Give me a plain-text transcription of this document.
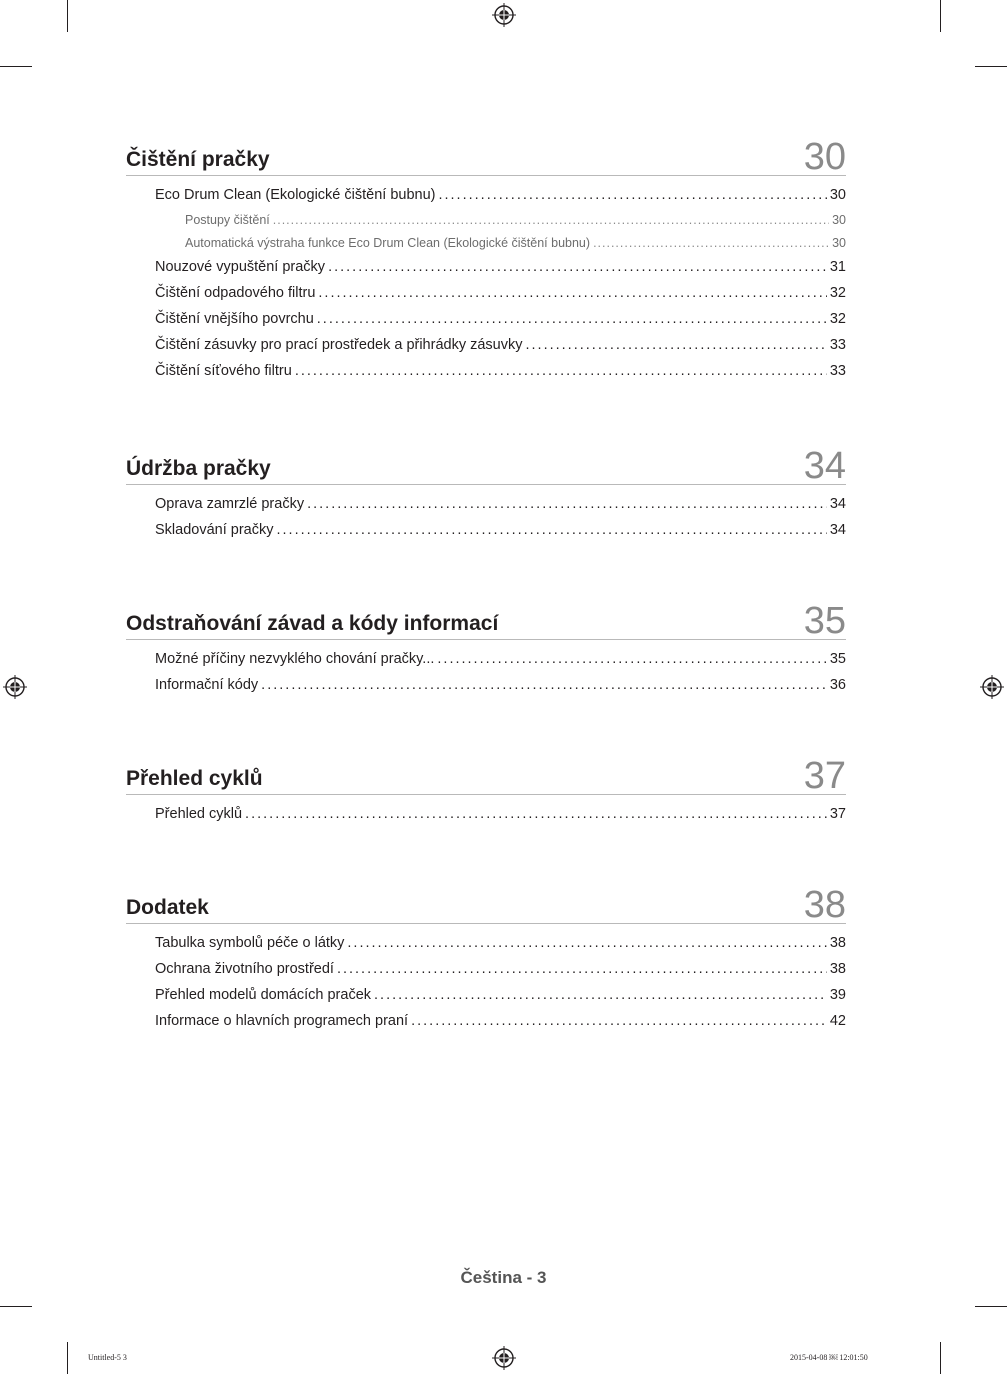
Čištění pračky	30
Eco Drum Clean (Ekologické čištění bubnu) .....	30
Postupy čištění .....	30
Automatická výstraha funkce Eco Drum Clean (Ekologické čištění bubnu) .....	30
Nouzové vypuštění pračky .....	31
Čištění odpadového filtru .....	32
Čištění vnějšího povrchu .....	32
Čištění zásuvky pro prací prostředek a přihrádky zásuvky .....	33
Čištění síťového filtru .....	33
Údržba pračky	34
Oprava zamrzlé pračky .....	34
Skladování pračky .....	34
Odstraňování závad a kódy informací	35
Možné příčiny nezvyklého chování pračky... .....	35
Informační kódy .....	36
Přehled cyklů	37
Přehled cyklů .....	37
Dodatek	38
Tabulka symbolů péče o látky .....	38
Ochrana životního prostředí .....	38
Přehled modelů domácích praček .....	39
Informace o hlavních programech praní .....	42
Čeština - 3
Untitled-5 3	2015-04-08 ￼ 12:01:50
